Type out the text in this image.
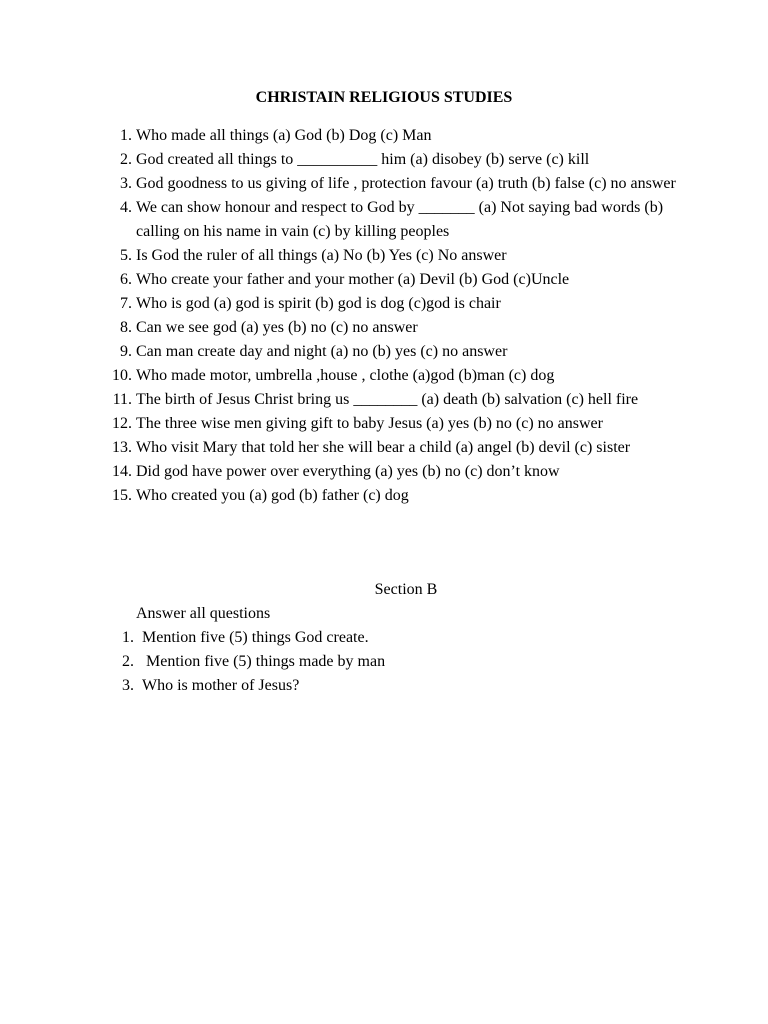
CHRISTAIN RELIGIOUS STUDIES
1. Who made all things (a) God (b) Dog (c) Man
2. God created all things to __________ him (a) disobey (b) serve (c) kill
3. God goodness to us giving of life , protection favour (a) truth (b) false (c) no answer
4. We can show honour and respect to God by _______ (a) Not saying bad words (b) calling on his name in vain (c) by killing peoples
5. Is God the ruler of all things (a) No (b) Yes (c) No answer
6. Who create your father and your mother (a) Devil (b) God (c)Uncle
7. Who is god (a) god is spirit (b) god is dog (c)god is chair
8. Can we see god (a) yes (b) no (c) no answer
9. Can man create day and night (a) no (b) yes (c) no answer
10. Who made motor, umbrella ,house , clothe (a)god (b)man (c) dog
11. The birth of Jesus Christ bring us ________ (a) death (b) salvation (c) hell fire
12. The three wise men giving gift to baby Jesus (a) yes (b) no (c) no answer
13. Who visit Mary that told her she will bear a child (a) angel (b) devil (c) sister
14. Did god have power over everything (a) yes (b) no (c) don’t know
15. Who created you (a) god (b) father (c) dog
Section B
Answer all questions
1. Mention five (5) things God create.
2. Mention five (5) things made by man
3. Who is mother of Jesus?
